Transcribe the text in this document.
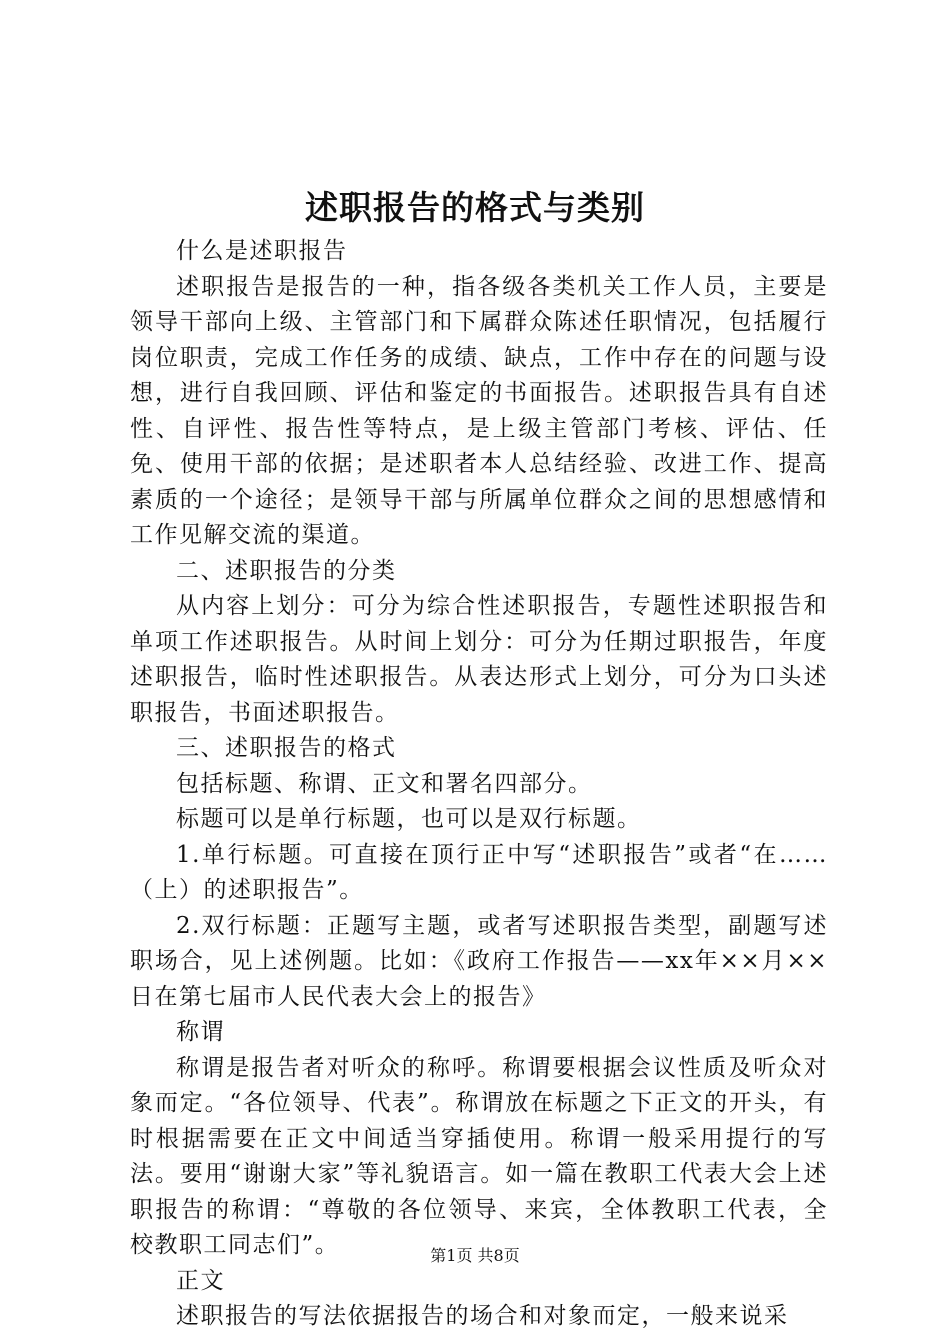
述职报告的格式与类别

什么是述职报告

述职报告是报告的一种，指各级各类机关工作人员，主要是领导干部向上级、主管部门和下属群众陈述任职情况，包括履行岗位职责，完成工作任务的成绩、缺点，工作中存在的问题与设想，进行自我回顾、评估和鉴定的书面报告。述职报告具有自述性、自评性、报告性等特点，是上级主管部门考核、评估、任免、使用干部的依据；是述职者本人总结经验、改进工作、提高素质的一个途径；是领导干部与所属单位群众之间的思想感情和工作见解交流的渠道。

二、述职报告的分类

从内容上划分：可分为综合性述职报告，专题性述职报告和单项工作述职报告。从时间上划分：可分为任期过职报告，年度述职报告，临时性述职报告。从表达形式上划分，可分为口头述职报告，书面述职报告。

三、述职报告的格式

包括标题、称谓、正文和署名四部分。

标题可以是单行标题，也可以是双行标题。

1.单行标题。可直接在顶行正中写“述职报告”或者“在……（上）的述职报告”。

2.双行标题：正题写主题，或者写述职报告类型，副题写述职场合，见上述例题。比如：《政府工作报告——xx年××月××日在第七届市人民代表大会上的报告》

称谓

称谓是报告者对听众的称呼。称谓要根据会议性质及听众对象而定。“各位领导、代表”。称谓放在标题之下正文的开头，有时根据需要在正文中间适当穿插使用。称谓一般采用提行的写法。要用“谢谢大家”等礼貌语言。如一篇在教职工代表大会上述职报告的称谓：“尊敬的各位领导、来宾，全体教职工代表，全校教职工同志们”。

正文

述职报告的写法依据报告的场合和对象而定，一般来说采

第1页 共8页
